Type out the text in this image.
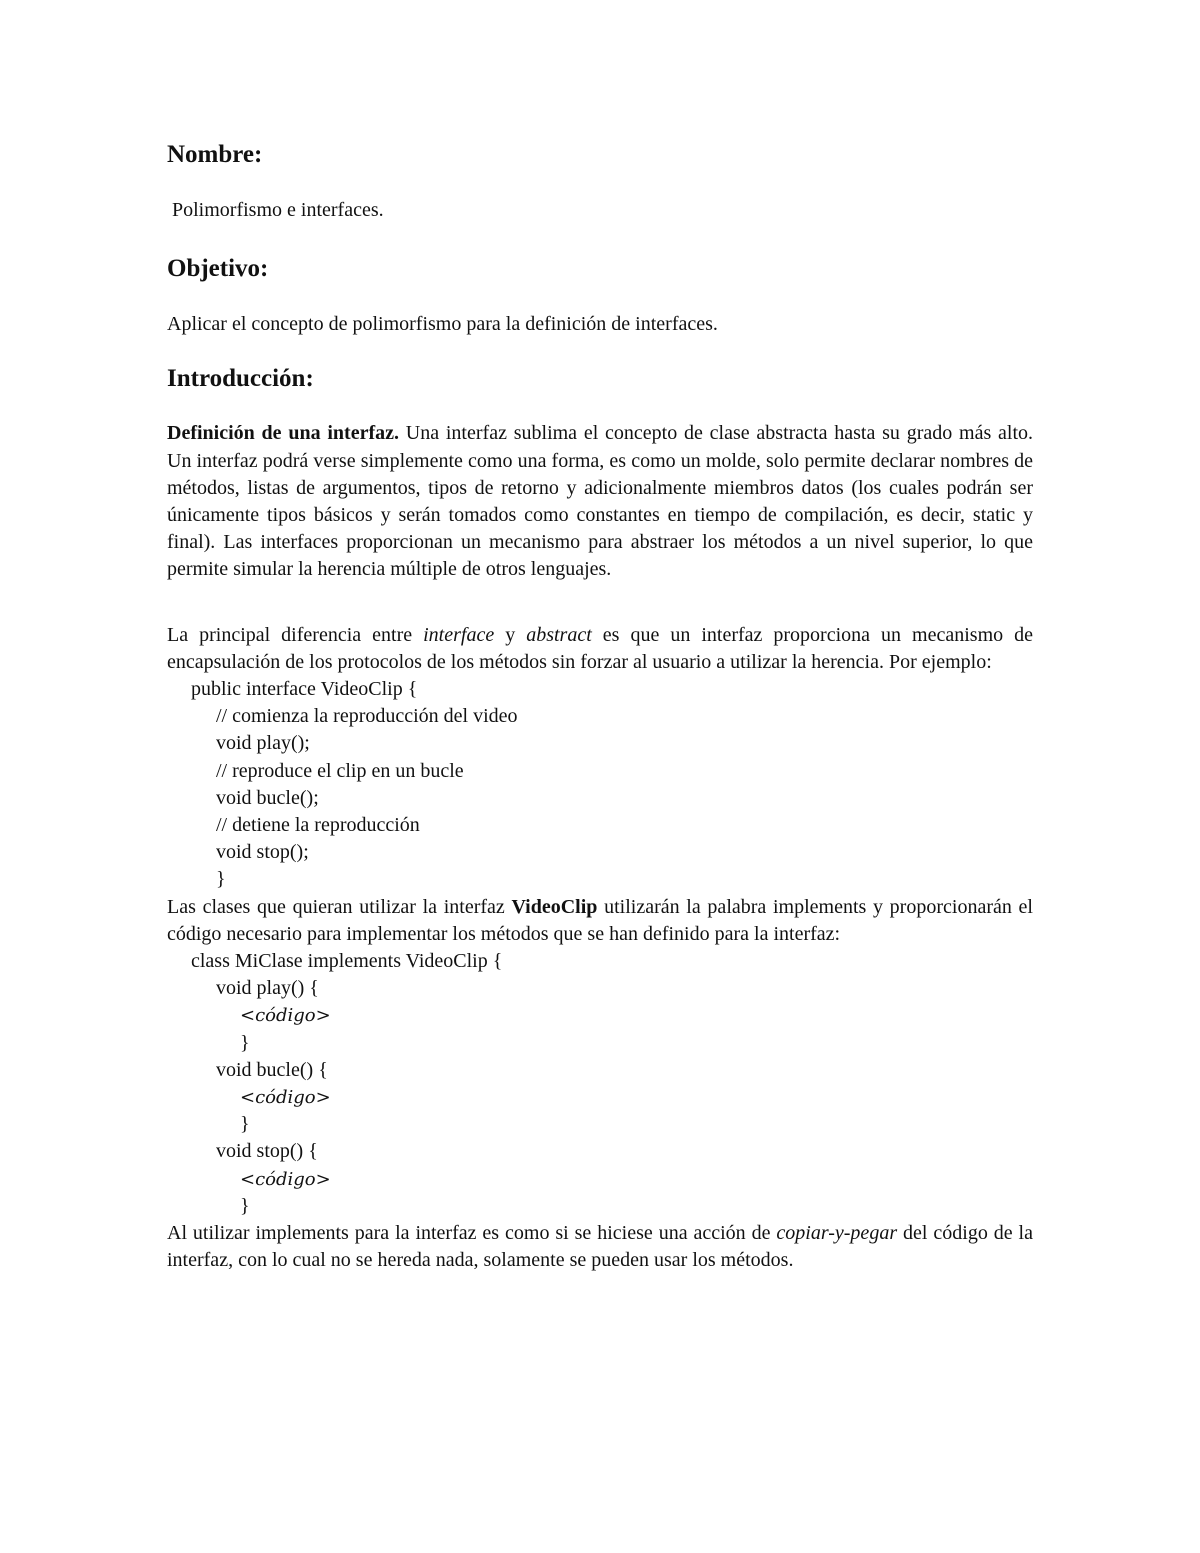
Nombre:

Polimorfismo e interfaces.

Objetivo:

Aplicar el concepto de polimorfismo para la definición de interfaces.

Introducción:

Definición de una interfaz. Una interfaz sublima el concepto de clase abstracta hasta su grado más alto. Un interfaz podrá verse simplemente como una forma, es como un molde, solo permite declarar nombres de métodos, listas de argumentos, tipos de retorno y adicionalmente miembros datos (los cuales podrán ser únicamente tipos básicos y serán tomados como constantes en tiempo de compilación, es decir, static y final). Las interfaces proporcionan un mecanismo para abstraer los métodos a un nivel superior, lo que permite simular la herencia múltiple de otros lenguajes.

La principal diferencia entre interface y abstract es que un interfaz proporciona un mecanismo de encapsulación de los protocolos de los métodos sin forzar al usuario a utilizar la herencia. Por ejemplo:

public interface VideoClip {
// comienza la reproducción del video
void play();
// reproduce el clip en un bucle
void bucle();
// detiene la reproducción
void stop();
}

Las clases que quieran utilizar la interfaz VideoClip utilizarán la palabra implements y proporcionarán el código necesario para implementar los métodos que se han definido para la interfaz:

class MiClase implements VideoClip {
void play() {
<código>
}
void bucle() {
<código>
}
void stop() {
<código>
}

Al utilizar implements para la interfaz es como si se hiciese una acción de copiar-y-pegar del código de la interfaz, con lo cual no se hereda nada, solamente se pueden usar los métodos.
